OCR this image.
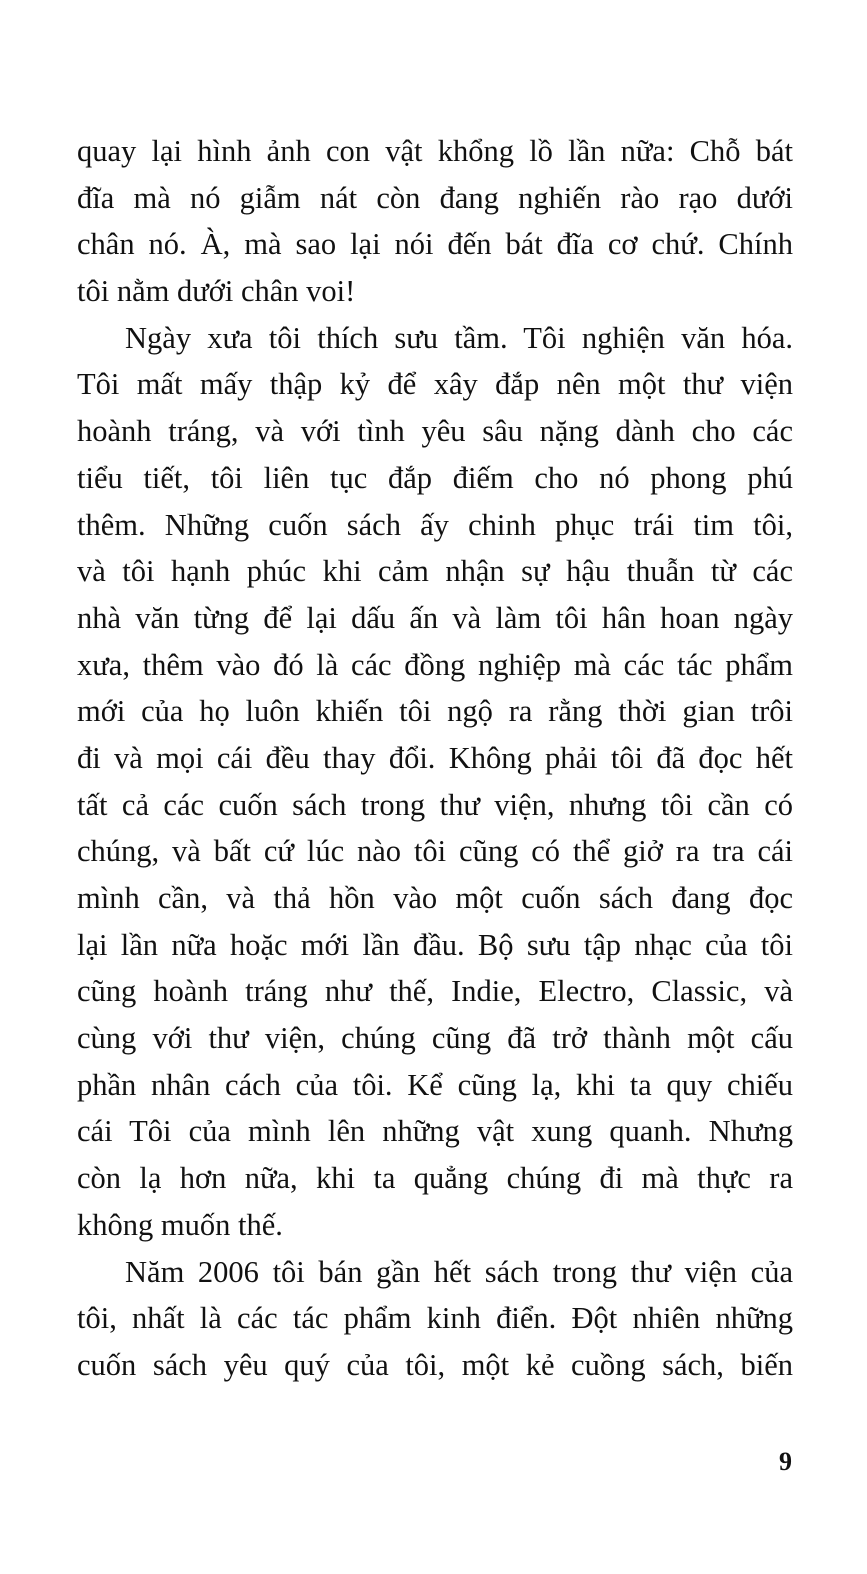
quay lại hình ảnh con vật khổng lồ lần nữa: Chỗ bát
đĩa mà nó giẫm nát còn đang nghiến rào rạo dưới
chân nó. À, mà sao lại nói đến bát đĩa cơ chứ. Chính
tôi nằm dưới chân voi!
Ngày xưa tôi thích sưu tầm. Tôi nghiện văn hóa.
Tôi mất mấy thập kỷ để xây đắp nên một thư viện
hoành tráng, và với tình yêu sâu nặng dành cho các
tiểu tiết, tôi liên tục đắp điếm cho nó phong phú
thêm. Những cuốn sách ấy chinh phục trái tim tôi,
và tôi hạnh phúc khi cảm nhận sự hậu thuẫn từ các
nhà văn từng để lại dấu ấn và làm tôi hân hoan ngày
xưa, thêm vào đó là các đồng nghiệp mà các tác phẩm
mới của họ luôn khiến tôi ngộ ra rằng thời gian trôi
đi và mọi cái đều thay đổi. Không phải tôi đã đọc hết
tất cả các cuốn sách trong thư viện, nhưng tôi cần có
chúng, và bất cứ lúc nào tôi cũng có thể giở ra tra cái
mình cần, và thả hồn vào một cuốn sách đang đọc
lại lần nữa hoặc mới lần đầu. Bộ sưu tập nhạc của tôi
cũng hoành tráng như thế, Indie, Electro, Classic, và
cùng với thư viện, chúng cũng đã trở thành một cấu
phần nhân cách của tôi. Kể cũng lạ, khi ta quy chiếu
cái Tôi của mình lên những vật xung quanh. Nhưng
còn lạ hơn nữa, khi ta quẳng chúng đi mà thực ra
không muốn thế.
Năm 2006 tôi bán gần hết sách trong thư viện của
tôi, nhất là các tác phẩm kinh điển. Đột nhiên những
cuốn sách yêu quý của tôi, một kẻ cuồng sách, biến
9
